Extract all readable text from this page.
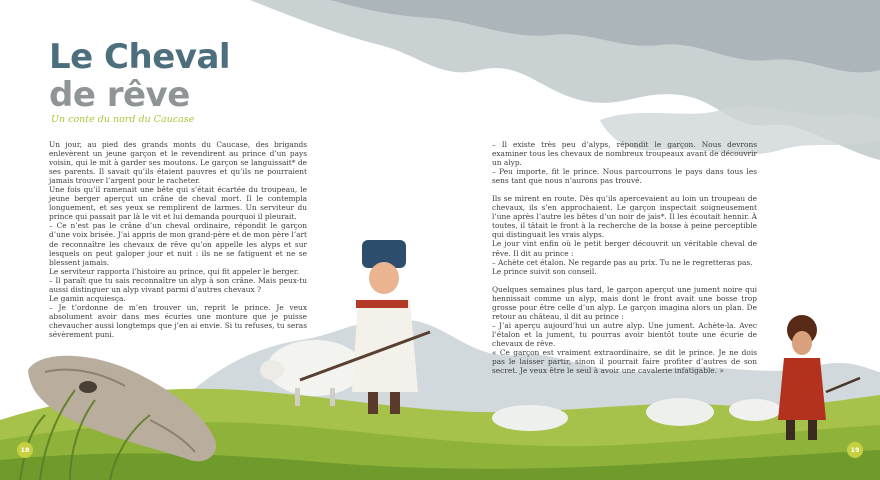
Le Cheval
de rêve
Un conte du nord du Caucase

Un jour, au pied des grands monts du Caucase, des brigands enlevèrent un jeune garçon et le revendirent au prince d’un pays voisin, qui le mit à garder ses moutons. Le garçon se languissait* de ses parents. Il savait qu’ils étaient pauvres et qu’ils ne pourraient jamais trouver l’argent pour le racheter.

Une fois qu’il ramenait une bête qui s’était écartée du troupeau, le jeune berger aperçut un crâne de cheval mort. Il le contempla longuement, et ses yeux se remplirent de larmes. Un serviteur du prince qui passait par là le vit et lui demanda pourquoi il pleurait.

– Ce n’est pas le crâne d’un cheval ordinaire, répondit le garçon d’une voix brisée. J’ai appris de mon grand-père et de mon père l’art de reconnaître les chevaux de rêve qu’on appelle les alyps et sur lesquels on peut galoper jour et nuit : ils ne se fatiguent et ne se blessent jamais.

Le serviteur rapporta l’histoire au prince, qui fit appeler le berger.

– Il paraît que tu sais reconnaître un alyp à son crâne. Mais peux-tu aussi distinguer un alyp vivant parmi d’autres chevaux ?

Le gamin acquiesça.

– Je t’ordonne de m’en trouver un, reprit le prince. Je veux absolument avoir dans mes écuries une monture que je puisse chevaucher aussi longtemps que j’en ai envie. Si tu refuses, tu seras sévèrement puni.

– Il existe très peu d’alyps, répondit le garçon. Nous devrons examiner tous les chevaux de nombreux troupeaux avant de découvrir un alyp.

– Peu importe, fit le prince. Nous parcourrons le pays dans tous les sens tant que nous n’aurons pas trouvé.

Ils se mirent en route. Dès qu’ils apercevaient au loin un troupeau de chevaux, ils s’en approchaient. Le garçon inspectait soigneusement l’une après l’autre les bêtes d’un noir de jais*. Il les écoutait hennir. À toutes, il tâtait le front à la recherche de la bosse à peine perceptible qui distinguait les vrais alyps.

Le jour vint enfin où le petit berger découvrit un véritable cheval de rêve. Il dit au prince :

– Achète cet étalon. Ne regarde pas au prix. Tu ne le regretteras pas.

Le prince suivit son conseil.

Quelques semaines plus tard, le garçon aperçut une jument noire qui hennissait comme un alyp, mais dont le front avait une bosse trop grosse pour être celle d’un alyp. Le garçon imagina alors un plan. De retour au château, il dit au prince :

– J’ai aperçu aujourd’hui un autre alyp. Une jument. Achète-la. Avec l’étalon et la jument, tu pourras avoir bientôt toute une écurie de chevaux de rêve.

« Ce garçon est vraiment extraordinaire, se dit le prince. Je ne dois pas le laisser partir, sinon il pourrait faire profiter d’autres de son secret. Je veux être le seul à avoir une cavalerie infatigable. »

18	19
